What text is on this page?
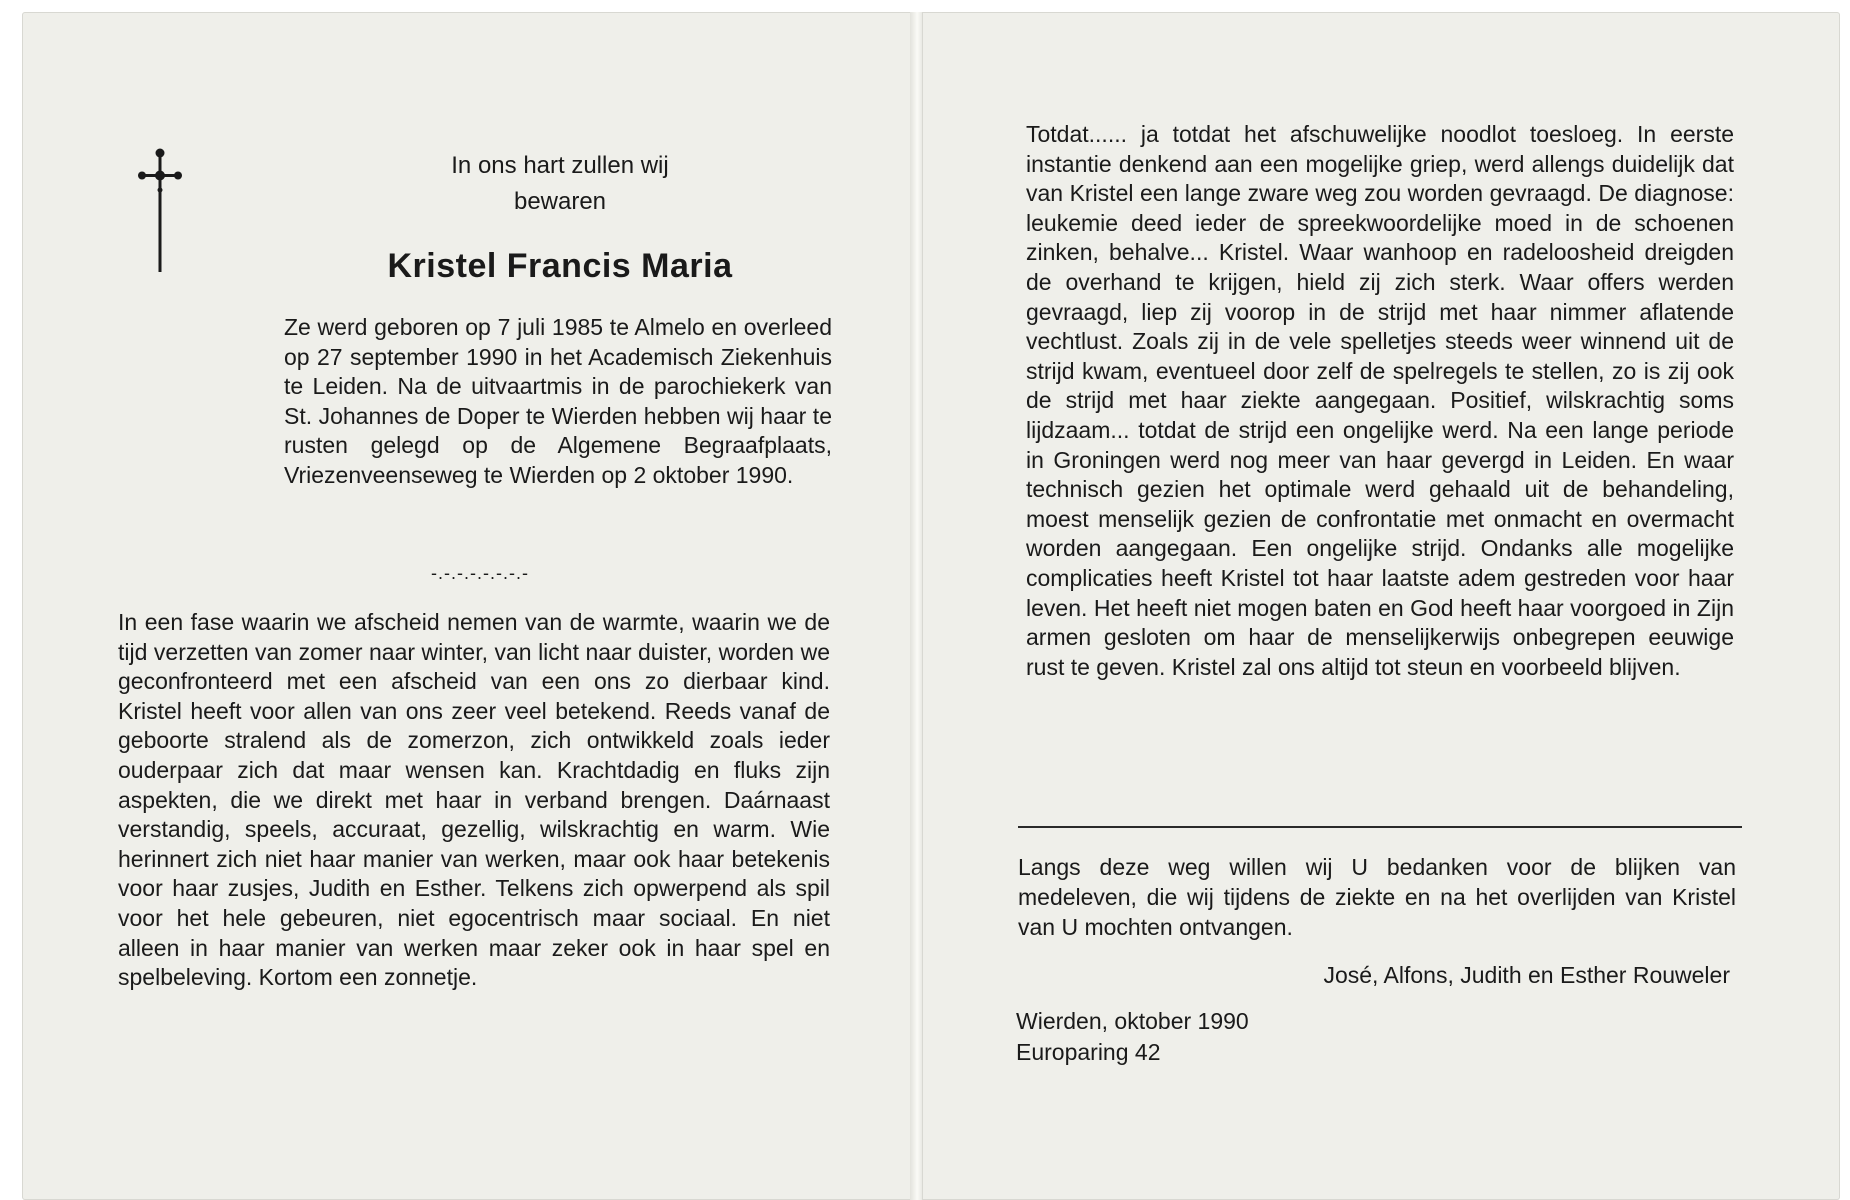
In ons hart zullen wij
bewaren
Kristel Francis Maria

Ze werd geboren op 7 juli 1985 te Almelo en overleed op 27 september 1990 in het Academisch Ziekenhuis te Leiden. Na de uitvaartmis in de parochiekerk van St. Johannes de Doper te Wierden hebben wij haar te rusten gelegd op de Algemene Begraafplaats, Vriezenveenseweg te Wierden op 2 oktober 1990.

-.-.-.-.-.-.-.-

In een fase waarin we afscheid nemen van de warmte, waarin we de tijd verzetten van zomer naar winter, van licht naar duister, worden we geconfronteerd met een afscheid van een ons zo dierbaar kind. Kristel heeft voor allen van ons zeer veel betekend. Reeds vanaf de geboorte stralend als de zomerzon, zich ontwikkeld zoals ieder ouderpaar zich dat maar wensen kan. Krachtdadig en fluks zijn aspekten, die we direkt met haar in verband brengen. Daárnaast verstandig, speels, accuraat, gezellig, wilskrachtig en warm. Wie herinnert zich niet haar manier van werken, maar ook haar betekenis voor haar zusjes, Judith en Esther. Telkens zich opwerpend als spil voor het hele gebeuren, niet egocentrisch maar sociaal. En niet alleen in haar manier van werken maar zeker ook in haar spel en spelbeleving. Kortom een zonnetje.

Totdat...... ja totdat het afschuwelijke noodlot toesloeg. In eerste instantie denkend aan een mogelijke griep, werd allengs duidelijk dat van Kristel een lange zware weg zou worden gevraagd. De diagnose: leukemie deed ieder de spreekwoordelijke moed in de schoenen zinken, behalve... Kristel. Waar wanhoop en radeloosheid dreigden de overhand te krijgen, hield zij zich sterk. Waar offers werden gevraagd, liep zij voorop in de strijd met haar nimmer aflatende vechtlust. Zoals zij in de vele spelletjes steeds weer winnend uit de strijd kwam, eventueel door zelf de spelregels te stellen, zo is zij ook de strijd met haar ziekte aangegaan. Positief, wilskrachtig soms lijdzaam... totdat de strijd een ongelijke werd. Na een lange periode in Groningen werd nog meer van haar gevergd in Leiden. En waar technisch gezien het optimale werd gehaald uit de behandeling, moest menselijk gezien de confrontatie met onmacht en overmacht worden aangegaan. Een ongelijke strijd. Ondanks alle mogelijke complicaties heeft Kristel tot haar laatste adem gestreden voor haar leven. Het heeft niet mogen baten en God heeft haar voorgoed in Zijn armen gesloten om haar de menselijkerwijs onbegrepen eeuwige rust te geven. Kristel zal ons altijd tot steun en voorbeeld blijven.

Langs deze weg willen wij U bedanken voor de blijken van medeleven, die wij tijdens de ziekte en na het overlijden van Kristel van U mochten ontvangen.

José, Alfons, Judith en Esther Rouweler
Wierden, oktober 1990
Europaring 42
